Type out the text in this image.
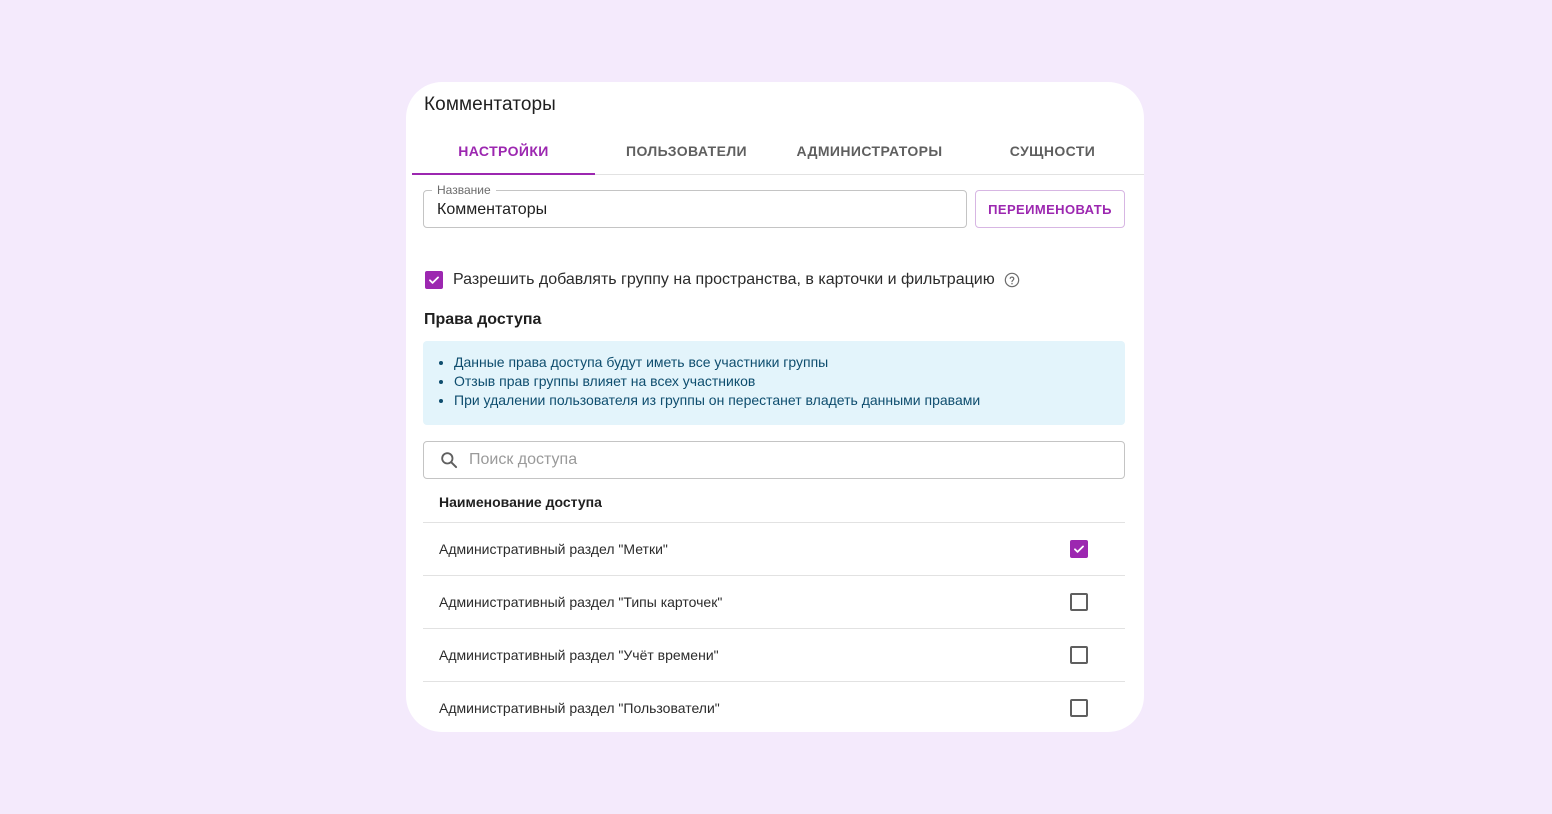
Комментаторы
НАСТРОЙКИ	ПОЛЬЗОВАТЕЛИ	АДМИНИСТРАТОРЫ	СУЩНОСТИ
Название
Комментаторы	ПЕРЕИМЕНОВАТЬ
Разрешить добавлять группу на пространства, в карточки и фильтрацию
Права доступа
• Данные права доступа будут иметь все участники группы
• Отзыв прав группы влияет на всех участников
• При удалении пользователя из группы он перестанет владеть данными правами
Поиск доступа
Наименование доступа
Административный раздел "Метки"
Административный раздел "Типы карточек"
Административный раздел "Учёт времени"
Административный раздел "Пользователи"
